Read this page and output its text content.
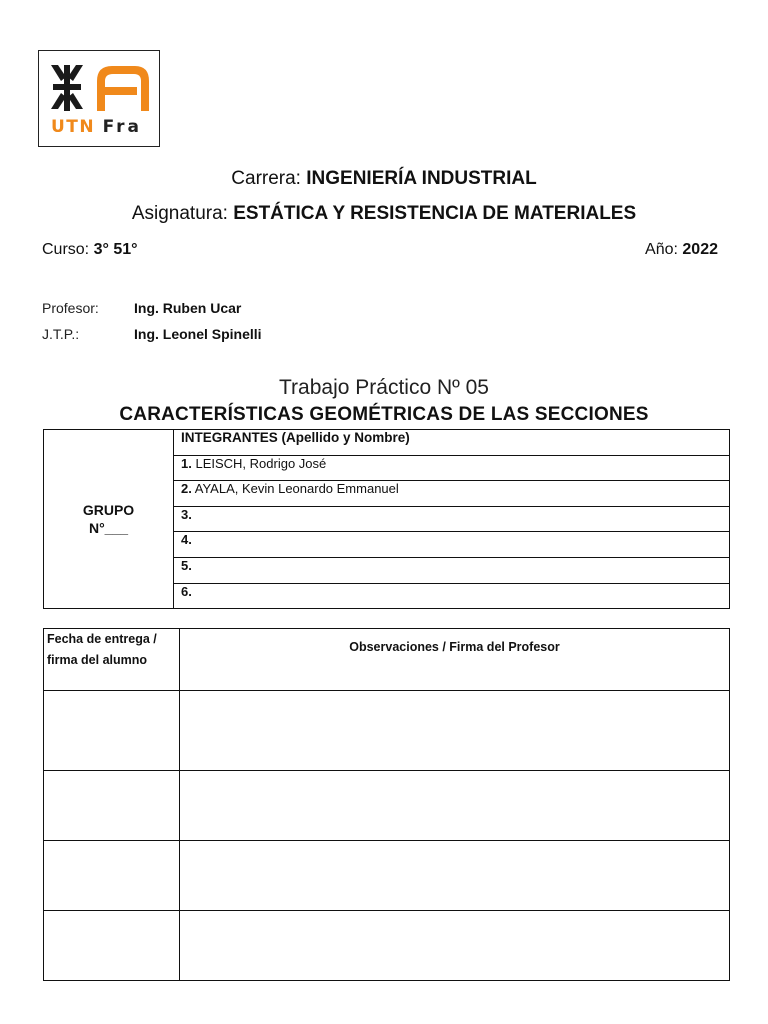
UTN Fra
Carrera: INGENIERÍA INDUSTRIAL
Asignatura: ESTÁTICA Y RESISTENCIA DE MATERIALES
Curso: 3° 51°	Año: 2022
Profesor:	Ing. Ruben Ucar
J.T.P.:	Ing. Leonel Spinelli
Trabajo Práctico Nº 05
CARACTERÍSTICAS GEOMÉTRICAS DE LAS SECCIONES
GRUPO
N°___
	INTEGRANTES (Apellido y Nombre)
1. LEISCH, Rodrigo José
2. AYALA, Kevin Leonardo Emmanuel
3.
4.
5.
6.
Fecha de entrega / firma del alumno	Observaciones / Firma del Profesor
